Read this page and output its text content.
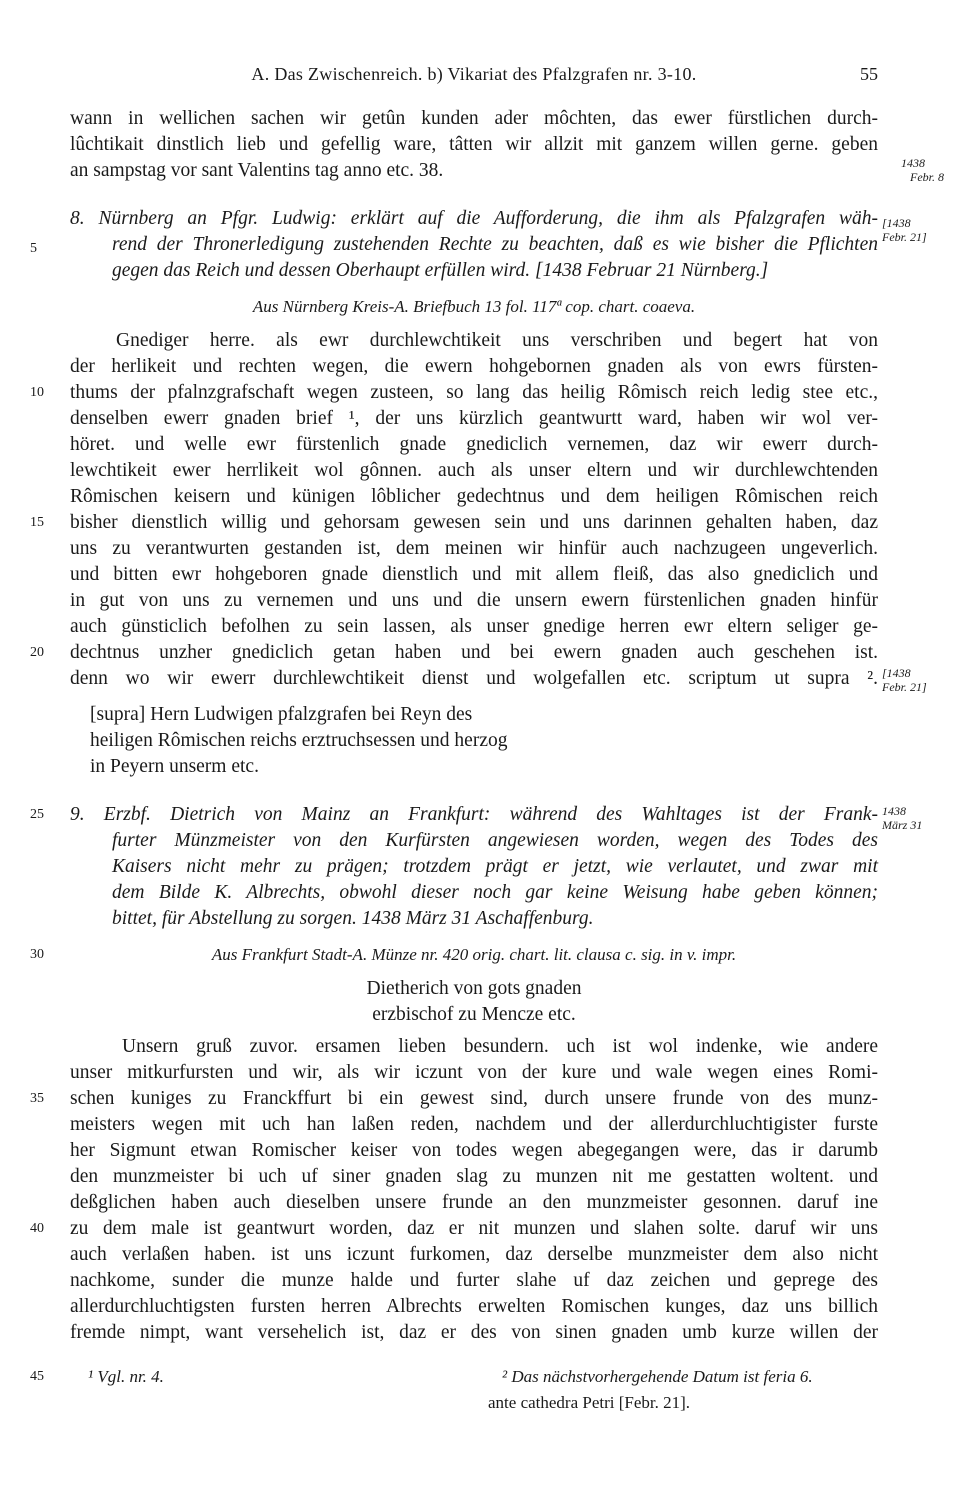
A. Das Zwischenreich. b) Vikariat des Pfalzgrafen nr. 3-10.	55
wann in wellichen sachen wir getûn kunden ader môchten, das ewer fürstlichen durch-
lûchtikait dinstlich lieb und gefellig ware, tâtten wir allzit mit ganzem willen gerne. geben
an sampstag vor sant Valentins tag anno etc. 38.	1438
Febr. 8
8. Nürnberg an Pfgr. Ludwig: erklärt auf die Aufforderung, die ihm als Pfalzgrafen wäh-
rend der Thronerledigung zustehenden Rechte zu beachten, daß es wie bisher die Pflichten
gegen das Reich und dessen Oberhaupt erfüllen wird. [1438 Februar 21 Nürnberg.]
[1438
Febr. 21]
Aus Nürnberg Kreis-A. Briefbuch 13 fol. 117ª cop. chart. coaeva.
Gnediger herre. als ewr durchlewchtikeit uns verschriben und begert hat von
der herlikeit und rechten wegen, die ewern hohgebornen gnaden als von ewrs fürsten-
thums der pfalnzgrafschaft wegen zusteen, so lang das heilig Rômisch reich ledig stee etc.,
denselben ewerr gnaden brief ¹, der uns kürzlich geantwurtt ward, haben wir wol ver-
höret. und welle ewr fürstenlich gnade gnediclich vernemen, daz wir ewerr durch-
lewchtikeit ewer herrlikeit wol gônnen. auch als unser eltern und wir durchlewchtenden
Rômischen keisern und künigen lôblicher gedechtnus und dem heiligen Rômischen reich
bisher dienstlich willig und gehorsam gewesen sein und uns darinnen gehalten haben, daz
uns zu verantwurten gestanden ist, dem meinen wir hinfür auch nachzugeen ungeverlich.
und bitten ewr hohgeboren gnade dienstlich und mit allem fleiß, das also gnediclich und
in gut von uns zu vernemen und uns und die unsern ewern fürstenlichen gnaden hinfür
auch günsticlich befolhen zu sein lassen, als unser gnedige herren ewr eltern seliger ge-
dechtnus unzher gnediclich getan haben und bei ewern gnaden auch geschehen ist.
denn wo wir ewerr durchlewchtikeit dienst und wolgefallen etc. scriptum ut supra ². [1438
Febr. 21]
[supra] Hern Ludwigen pfalzgrafen bei Reyn des
heiligen Rômischen reichs erztruchsessen und herzog
in Peyern unserm etc.
9. Erzbf. Dietrich von Mainz an Frankfurt: während des Wahltages ist der Frank-
furter Münzmeister von den Kurfürsten angewiesen worden, wegen des Todes des
Kaisers nicht mehr zu prägen; trotzdem prägt er jetzt, wie verlautet, und zwar mit
dem Bilde K. Albrechts, obwohl dieser noch gar keine Weisung habe geben können;
bittet, für Abstellung zu sorgen. 1438 März 31 Aschaffenburg.
1438
März 31
Aus Frankfurt Stadt-A. Münze nr. 420 orig. chart. lit. clausa c. sig. in v. impr.
Dietherich von gots gnaden
erzbischof zu Mencze etc.
Unsern gruß zuvor. ersamen lieben besundern. uch ist wol indenke, wie andere
unser mitkurfursten und wir, als wir iczunt von der kure und wale wegen eines Romi-
schen kuniges zu Franckffurt bi ein gewest sind, durch unsere frunde von des munz-
meisters wegen mit uch han laßen reden, nachdem und der allerdurchluchtigister furste
her Sigmunt etwan Romischer keiser von todes wegen abegegangen were, das ir darumb
den munzmeister bi uch uf siner gnaden slag zu munzen nit me gestatten woltent. und
deßglichen haben auch dieselben unsere frunde an den munzmeister gesonnen. daruf ine
zu dem male ist geantwurt worden, daz er nit munzen und slahen solte. daruf wir uns
auch verlaßen haben. ist uns iczunt furkomen, daz derselbe munzmeister dem also nicht
nachkome, sunder die munze halde und furter slahe uf daz zeichen und geprege des
allerdurchluchtigsten fursten herren Albrechts erwelten Romischen kunges, daz uns billich
fremde nimpt, want versehelich ist, daz er des von sinen gnaden umb kurze willen der
5
10
15
20
25
30
35
40
45	¹ Vgl. nr. 4.	² Das nächstvorhergehende Datum ist feria 6.
ante cathedra Petri [Febr. 21].
